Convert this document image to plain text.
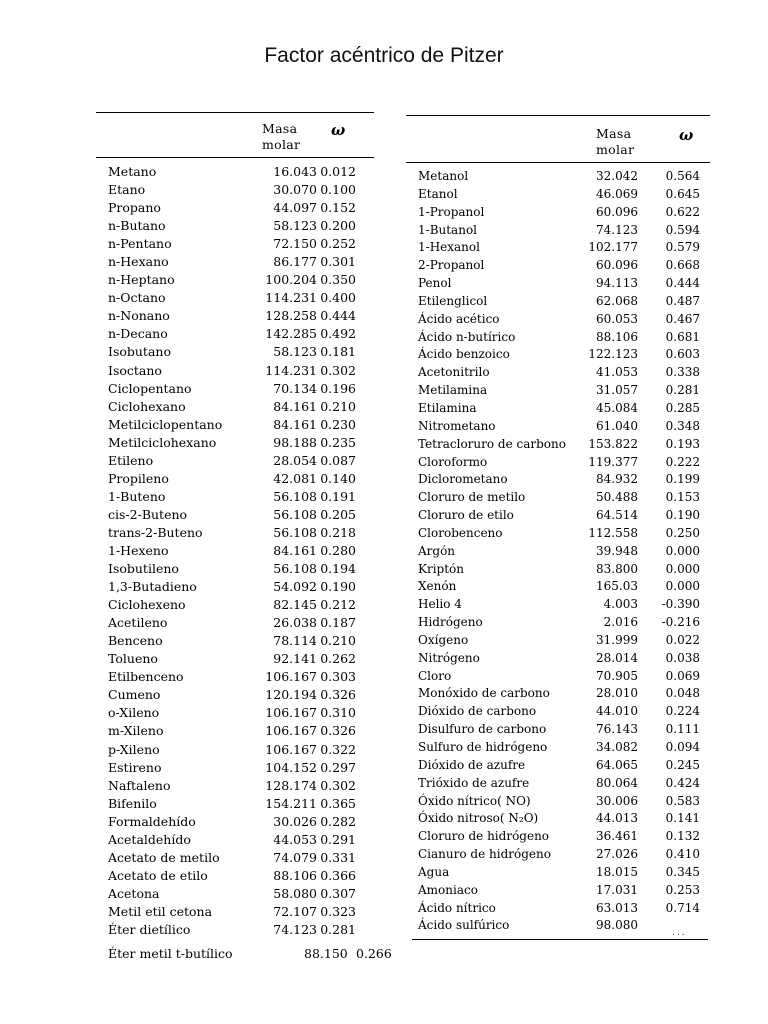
Factor acéntrico de Pitzer
Masa
molar
ω
Metano	16.043 0.012
Etano	30.070 0.100
Propano	44.097 0.152
n-Butano	58.123 0.200
n-Pentano	72.150 0.252
n-Hexano	86.177 0.301
n-Heptano	100.204 0.350
n-Octano	114.231 0.400
n-Nonano	128.258 0.444
n-Decano	142.285 0.492
Isobutano	58.123 0.181
Isoctano	114.231 0.302
Ciclopentano	70.134 0.196
Ciclohexano	84.161 0.210
Metilciclopentano	84.161 0.230
Metilciclohexano	98.188 0.235
Etileno	28.054 0.087
Propileno	42.081 0.140
1-Buteno	56.108 0.191
cis-2-Buteno	56.108 0.205
trans-2-Buteno	56.108 0.218
1-Hexeno	84.161 0.280
Isobutileno	56.108 0.194
1,3-Butadieno	54.092 0.190
Ciclohexeno	82.145 0.212
Acetileno	26.038 0.187
Benceno	78.114 0.210
Tolueno	92.141 0.262
Etilbenceno	106.167 0.303
Cumeno	120.194 0.326
o-Xileno	106.167 0.310
m-Xileno	106.167 0.326
p-Xileno	106.167 0.322
Estireno	104.152 0.297
Naftaleno	128.174 0.302
Bifenilo	154.211 0.365
Formaldehído	30.026 0.282
Acetaldehído	44.053 0.291
Acetato de metilo	74.079 0.331
Acetato de etilo	88.106 0.366
Acetona	58.080 0.307
Metil etil cetona	72.107 0.323
Éter dietílico	74.123 0.281
Éter metil t-butílico	88.150 0.266
Masa
molar
ω
Metanol	32.042 0.564
Etanol	46.069 0.645
1-Propanol	60.096 0.622
1-Butanol	74.123 0.594
1-Hexanol	102.177 0.579
2-Propanol	60.096 0.668
Penol	94.113 0.444
Etilenglicol	62.068 0.487
Ácido acético	60.053 0.467
Ácido n-butírico	88.106 0.681
Ácido benzoico	122.123 0.603
Acetonitrilo	41.053 0.338
Metilamina	31.057 0.281
Etilamina	45.084 0.285
Nitrometano	61.040 0.348
Tetracloruro de carbono 153.822 0.193
Cloroformo	119.377 0.222
Diclorometano	84.932 0.199
Cloruro de metilo	50.488 0.153
Cloruro de etilo	64.514 0.190
Clorobenceno	112.558 0.250
Argón	39.948 0.000
Kriptón	83.800 0.000
Xenón	165.03 0.000
Helio 4	4.003 -0.390
Hidrógeno	2.016 -0.216
Oxígeno	31.999 0.022
Nitrógeno	28.014 0.038
Cloro	70.905 0.069
Monóxido de carbono	28.010 0.048
Dióxido de carbono	44.010 0.224
Disulfuro de carbono	76.143 0.111
Sulfuro de hidrógeno	34.082 0.094
Dióxido de azufre	64.065 0.245
Trióxido de azufre	80.064 0.424
Óxido nítrico( NO)	30.006 0.583
Óxido nitroso( N₂O)	44.013 0.141
Cloruro de hidrógeno	36.461 0.132
Cianuro de hidrógeno	27.026 0.410
Agua	18.015 0.345
Amoniaco	17.031 0.253
Ácido nítrico	63.013 0.714
Ácido sulfúrico	98.080
...
